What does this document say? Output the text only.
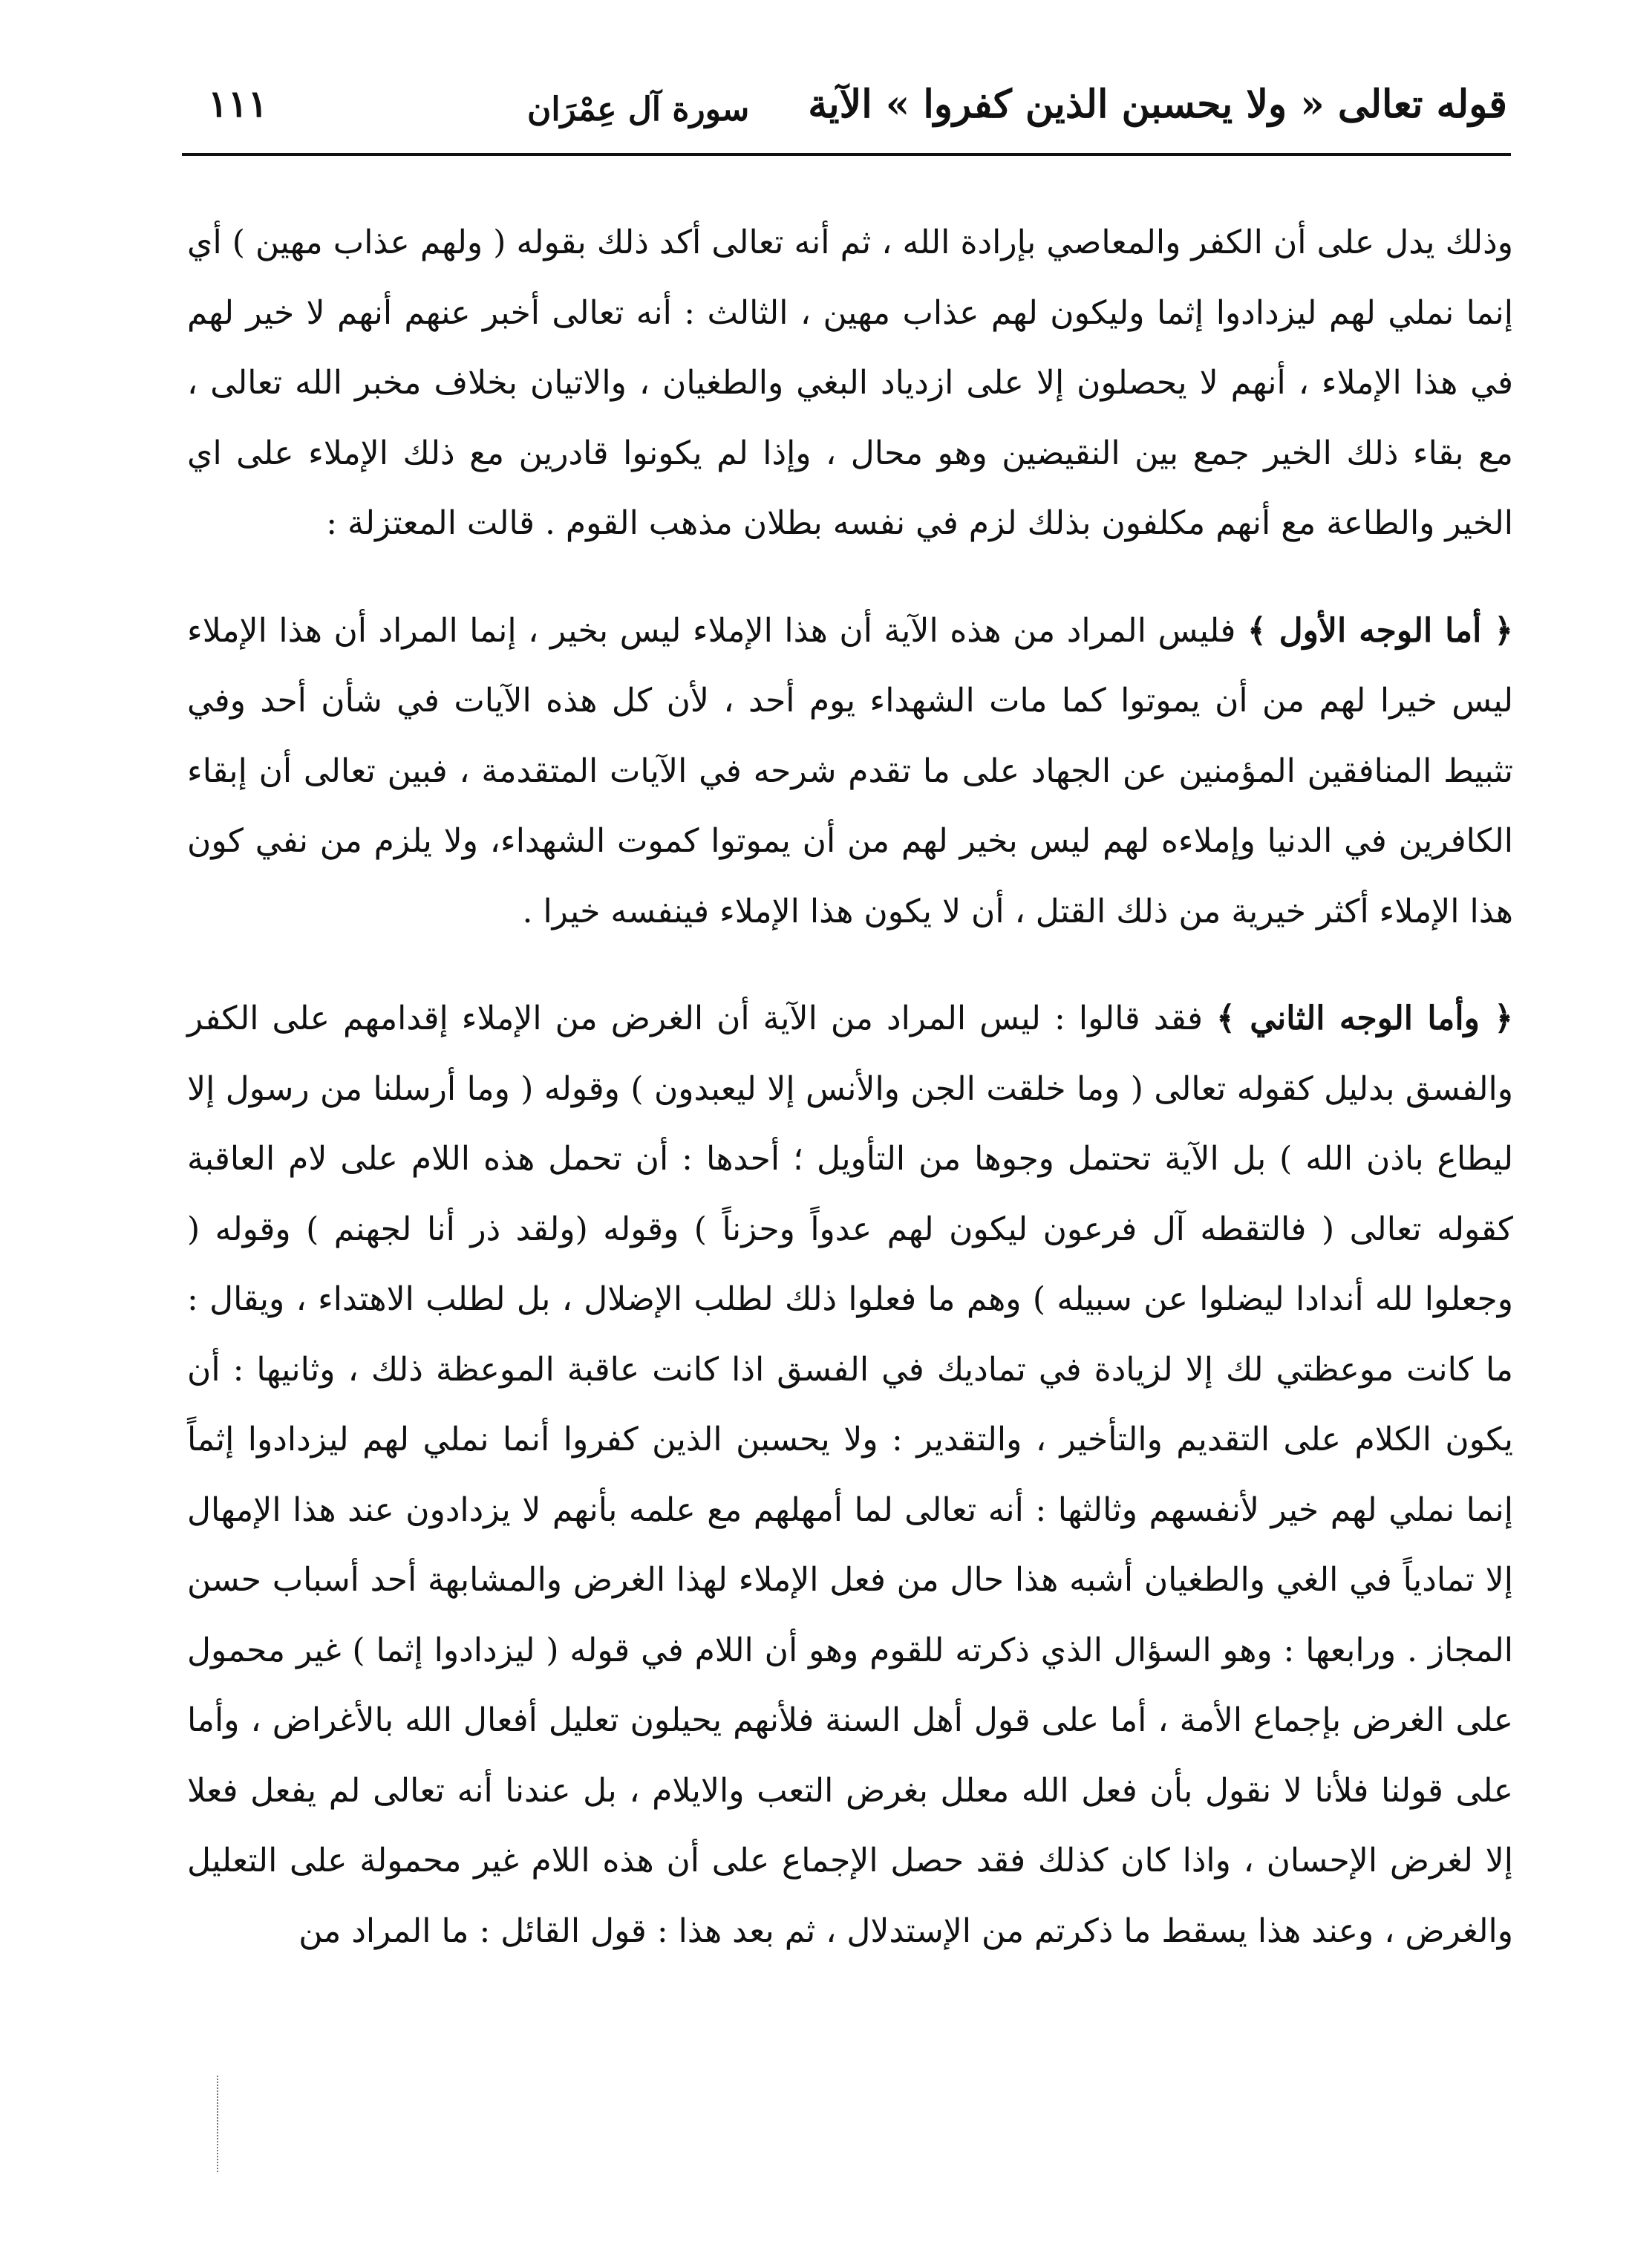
قوله تعالى « ولا يحسبن الذين كفروا » الآية
سورة آل عِمْرَان
١١١

وذلك يدل على أن الكفر والمعاصي بإرادة الله ، ثم أنه تعالى أكد ذلك بقوله ( ولهم عذاب مهين ) أي إنما نملي لهم ليزدادوا إثما وليكون لهم عذاب مهين ، الثالث : أنه تعالى أخبر عنهم أنهم لا خير لهم في هذا الإملاء ، أنهم لا يحصلون إلا على ازدياد البغي والطغيان ، والاتيان بخلاف مخبر الله تعالى ، مع بقاء ذلك الخير جمع بين النقيضين وهو محال ، وإذا لم يكونوا قادرين مع ذلك الإملاء على اي الخير والطاعة مع أنهم مكلفون بذلك لزم في نفسه بطلان مذهب القوم . قالت المعتزلة :

﴿ أما الوجه الأول ﴾ فليس المراد من هذه الآية أن هذا الإملاء ليس بخير ، إنما المراد أن هذا الإملاء ليس خيرا لهم من أن يموتوا كما مات الشهداء يوم أحد ، لأن كل هذه الآيات في شأن أحد وفي تثبيط المنافقين المؤمنين عن الجهاد على ما تقدم شرحه في الآيات المتقدمة ، فبين تعالى أن إبقاء الكافرين في الدنيا وإملاءه لهم ليس بخير لهم من أن يموتوا كموت الشهداء، ولا يلزم من نفي كون هذا الإملاء أكثر خيرية من ذلك القتل ، أن لا يكون هذا الإملاء فينفسه خيرا .

﴿ وأما الوجه الثاني ﴾ فقد قالوا : ليس المراد من الآية أن الغرض من الإملاء إقدامهم على الكفر والفسق بدليل كقوله تعالى ( وما خلقت الجن والأنس إلا ليعبدون ) وقوله ( وما أرسلنا من رسول إلا ليطاع باذن الله ) بل الآية تحتمل وجوها من التأويل ؛ أحدها : أن تحمل هذه اللام على لام العاقبة كقوله تعالى ( فالتقطه آل فرعون ليكون لهم عدواً وحزناً ) وقوله (ولقد ذر أنا لجهنم ) وقوله ( وجعلوا لله أندادا ليضلوا عن سبيله ) وهم ما فعلوا ذلك لطلب الإضلال ، بل لطلب الاهتداء ، ويقال : ما كانت موعظتي لك إلا لزيادة في تماديك في الفسق اذا كانت عاقبة الموعظة ذلك ، وثانيها : أن يكون الكلام على التقديم والتأخير ، والتقدير : ولا يحسبن الذين كفروا أنما نملي لهم ليزدادوا إثماً إنما نملي لهم خير لأنفسهم وثالثها : أنه تعالى لما أمهلهم مع علمه بأنهم لا يزدادون عند هذا الإمهال إلا تمادياً في الغي والطغيان أشبه هذا حال من فعل الإملاء لهذا الغرض والمشابهة أحد أسباب حسن المجاز . ورابعها : وهو السؤال الذي ذكرته للقوم وهو أن اللام في قوله ( ليزدادوا إثما ) غير محمول على الغرض بإجماع الأمة ، أما على قول أهل السنة فلأنهم يحيلون تعليل أفعال الله بالأغراض ، وأما على قولنا فلأنا لا نقول بأن فعل الله معلل بغرض التعب والايلام ، بل عندنا أنه تعالى لم يفعل فعلا إلا لغرض الإحسان ، واذا كان كذلك فقد حصل الإجماع على أن هذه اللام غير محمولة على التعليل والغرض ، وعند هذا يسقط ما ذكرتم من الإستدلال ، ثم بعد هذا : قول القائل : ما المراد من
